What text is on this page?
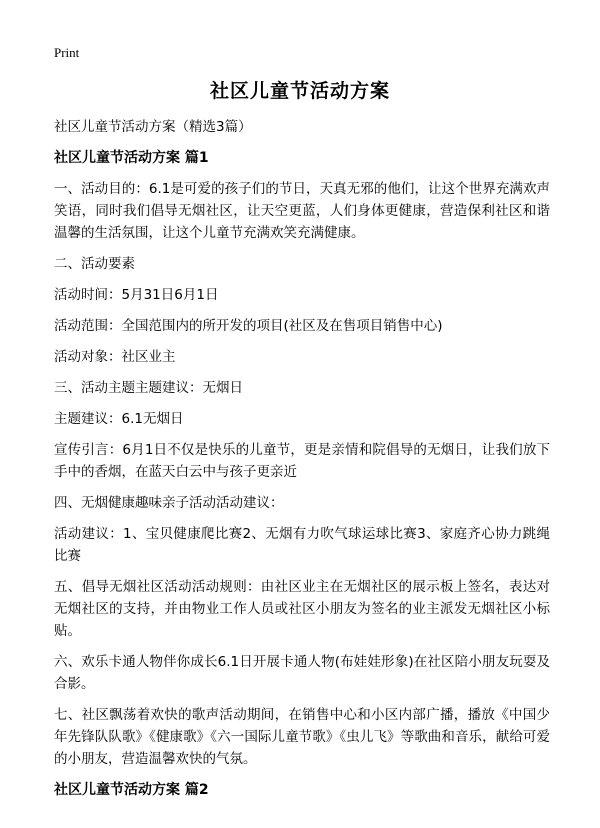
Print
社区儿童节活动方案
社区儿童节活动方案（精选3篇）
社区儿童节活动方案 篇1

一、活动目的：6.1是可爱的孩子们的节日，天真无邪的他们，让这个世界充满欢声笑语，同时我们倡导无烟社区，让天空更蓝，人们身体更健康，营造保利社区和谐温馨的生活氛围，让这个儿童节充满欢笑充满健康。

二、活动要素

活动时间：5月31日6月1日

活动范围：全国范围内的所开发的项目(社区及在售项目销售中心)

活动对象：社区业主

三、活动主题主题建议：无烟日

主题建议：6.1无烟日

宣传引言：6月1日不仅是快乐的儿童节，更是亲情和院倡导的无烟日，让我们放下手中的香烟，在蓝天白云中与孩子更亲近

四、无烟健康趣味亲子活动活动建议：

活动建议：1、宝贝健康爬比赛2、无烟有力吹气球运球比赛3、家庭齐心协力跳绳比赛

五、倡导无烟社区活动活动规则：由社区业主在无烟社区的展示板上签名，表达对无烟社区的支持，并由物业工作人员或社区小朋友为签名的业主派发无烟社区小标贴。

六、欢乐卡通人物伴你成长6.1日开展卡通人物(布娃娃形象)在社区陪小朋友玩耍及合影。

七、社区飘荡着欢快的歌声活动期间，在销售中心和小区内部广播，播放《中国少年先锋队队歌》《健康歌》《六一国际儿童节歌》《虫儿飞》等歌曲和音乐，献给可爱的小朋友，营造温馨欢快的气氛。

社区儿童节活动方案 篇2
